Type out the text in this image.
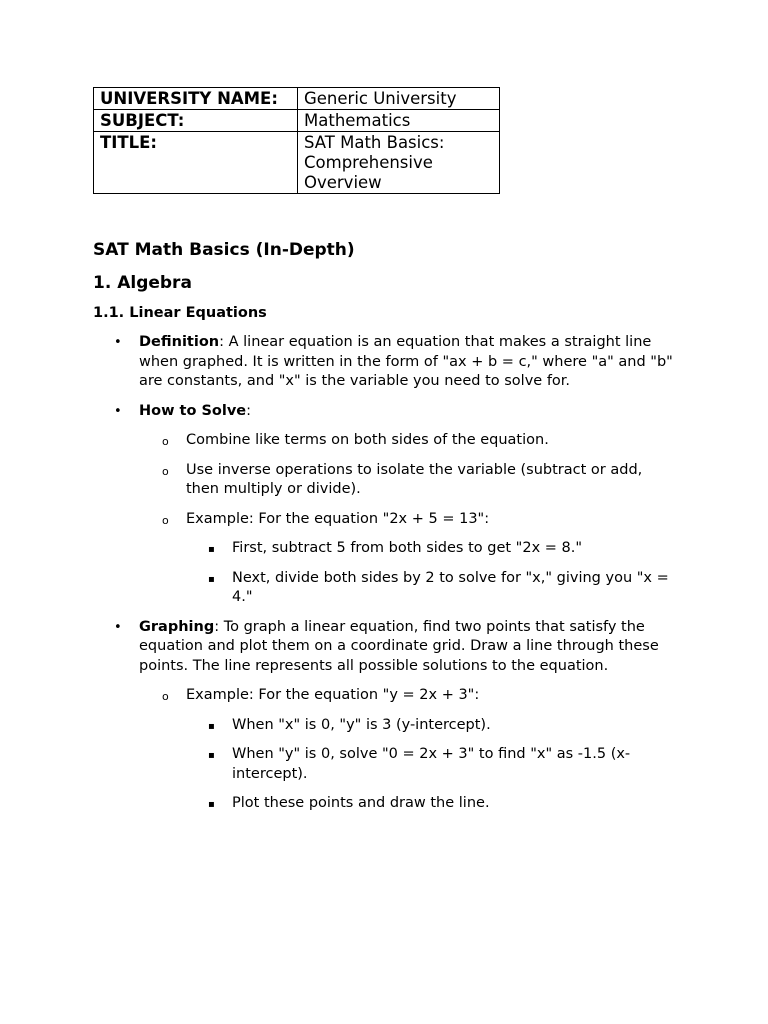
UNIVERSITY NAME:	Generic University
SUBJECT:	Mathematics
TITLE:	SAT Math Basics: Comprehensive Overview
SAT Math Basics (In-Depth)
1. Algebra
1.1. Linear Equations
• Definition: A linear equation is an equation that makes a straight line when graphed. It is written in the form of "ax + b = c," where "a" and "b" are constants, and "x" is the variable you need to solve for.
• How to Solve:
o Combine like terms on both sides of the equation.
o Use inverse operations to isolate the variable (subtract or add, then multiply or divide).
o Example: For the equation "2x + 5 = 13":
▪ First, subtract 5 from both sides to get "2x = 8."
▪ Next, divide both sides by 2 to solve for "x," giving you "x = 4."
• Graphing: To graph a linear equation, find two points that satisfy the equation and plot them on a coordinate grid. Draw a line through these points. The line represents all possible solutions to the equation.
o Example: For the equation "y = 2x + 3":
▪ When "x" is 0, "y" is 3 (y-intercept).
▪ When "y" is 0, solve "0 = 2x + 3" to find "x" as -1.5 (x-intercept).
▪ Plot these points and draw the line.
